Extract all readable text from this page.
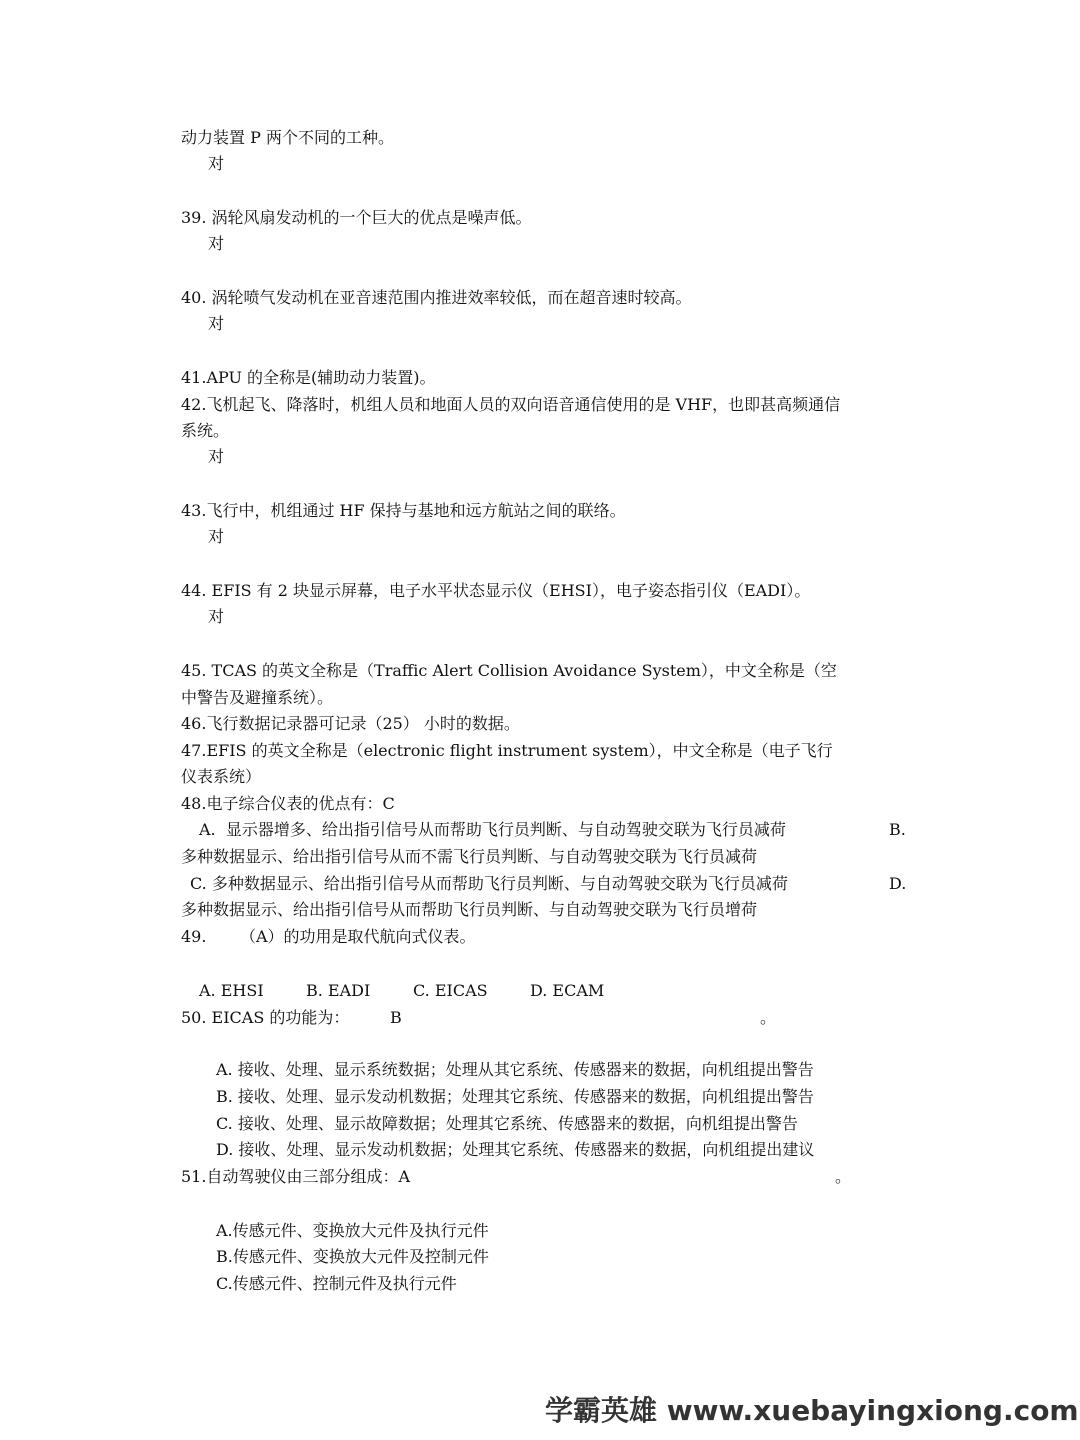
动力装置 P 两个不同的工种。
对
39. 涡轮风扇发动机的一个巨大的优点是噪声低。
对
40. 涡轮喷气发动机在亚音速范围内推进效率较低，而在超音速时较高。
对
41.APU 的全称是(辅助动力装置)。
42.飞机起飞、降落时，机组人员和地面人员的双向语音通信使用的是 VHF，也即甚高频通信
系统。
对
43.飞行中，机组通过 HF 保持与基地和远方航站之间的联络。
对
44. EFIS 有 2 块显示屏幕，电子水平状态显示仪（EHSI），电子姿态指引仪（EADI）。
对
45. TCAS 的英文全称是（Traffic Alert Collision Avoidance System），中文全称是（空
中警告及避撞系统）。
46.飞行数据记录器可记录（25） 小时的数据。
47.EFIS 的英文全称是（electronic flight instrument system），中文全称是（电子飞行
仪表系统）
48.电子综合仪表的优点有：C
A.  显示器增多、给出指引信号从而帮助飞行员判断、与自动驾驶交联为飞行员减荷	B.
多种数据显示、给出指引信号从而不需飞行员判断、与自动驾驶交联为飞行员减荷
C. 多种数据显示、给出指引信号从而帮助飞行员判断、与自动驾驶交联为飞行员减荷	D.
多种数据显示、给出指引信号从而帮助飞行员判断、与自动驾驶交联为飞行员增荷
49. （A）的功用是取代航向式仪表。
A. EHSI	B. EADI	C. EICAS	D. ECAM
50. EICAS 的功能为：	B	。
A. 接收、处理、显示系统数据；处理从其它系统、传感器来的数据，向机组提出警告
B. 接收、处理、显示发动机数据；处理其它系统、传感器来的数据，向机组提出警告
C. 接收、处理、显示故障数据；处理其它系统、传感器来的数据，向机组提出警告
D. 接收、处理、显示发动机数据；处理其它系统、传感器来的数据，向机组提出建议
51.自动驾驶仪由三部分组成：A	。
A.传感元件、变换放大元件及执行元件
B.传感元件、变换放大元件及控制元件
C.传感元件、控制元件及执行元件
学霸英雄 www.xuebayingxiong.com
